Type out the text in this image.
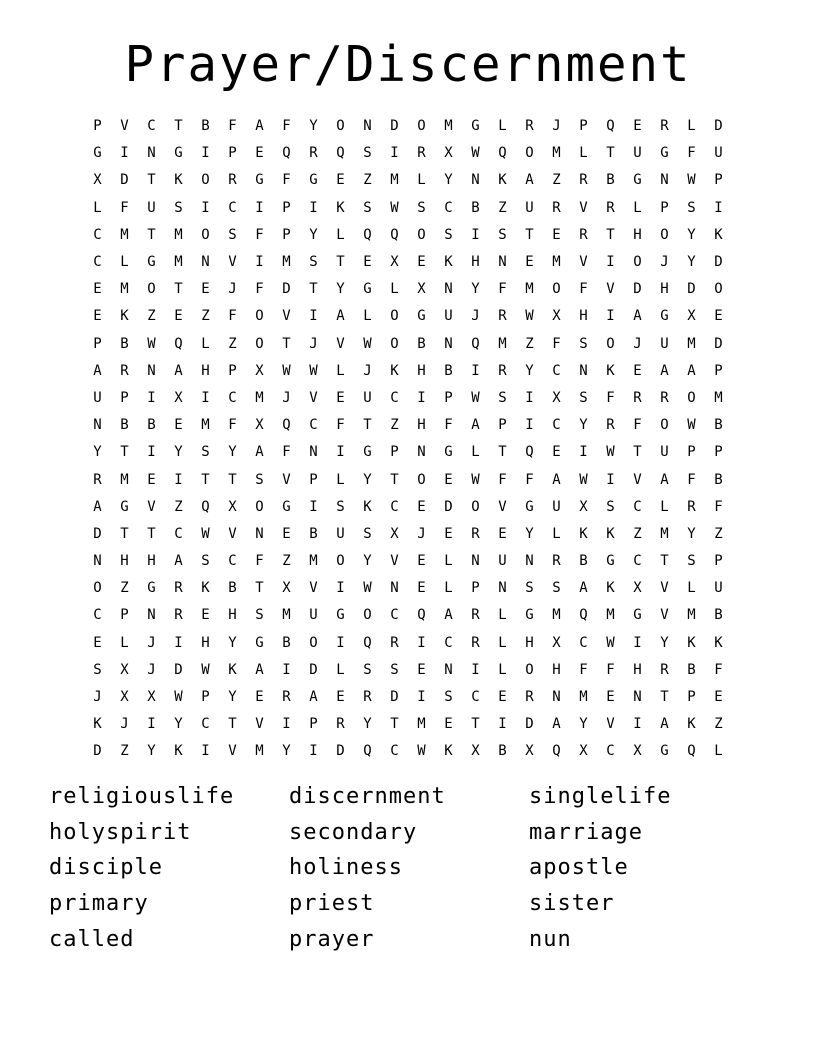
Prayer/Discernment
P	V	C	T	B	F	A	F	Y	O	N	D	O	M	G	L	R	J	P	Q	E	R	L	D
G	I	N	G	I	P	E	Q	R	Q	S	I	R	X	W	Q	O	M	L	T	U	G	F	U
X	D	T	K	O	R	G	F	G	E	Z	M	L	Y	N	K	A	Z	R	B	G	N	W	P
L	F	U	S	I	C	I	P	I	K	S	W	S	C	B	Z	U	R	V	R	L	P	S	I
C	M	T	M	O	S	F	P	Y	L	Q	Q	O	S	I	S	T	E	R	T	H	O	Y	K
C	L	G	M	N	V	I	M	S	T	E	X	E	K	H	N	E	M	V	I	O	J	Y	D
E	M	O	T	E	J	F	D	T	Y	G	L	X	N	Y	F	M	O	F	V	D	H	D	O
E	K	Z	E	Z	F	O	V	I	A	L	O	G	U	J	R	W	X	H	I	A	G	X	E
P	B	W	Q	L	Z	O	T	J	V	W	O	B	N	Q	M	Z	F	S	O	J	U	M	D
A	R	N	A	H	P	X	W	W	L	J	K	H	B	I	R	Y	C	N	K	E	A	A	P
U	P	I	X	I	C	M	J	V	E	U	C	I	P	W	S	I	X	S	F	R	R	O	M
N	B	B	E	M	F	X	Q	C	F	T	Z	H	F	A	P	I	C	Y	R	F	O	W	B
Y	T	I	Y	S	Y	A	F	N	I	G	P	N	G	L	T	Q	E	I	W	T	U	P	P
R	M	E	I	T	T	S	V	P	L	Y	T	O	E	W	F	F	A	W	I	V	A	F	B
A	G	V	Z	Q	X	O	G	I	S	K	C	E	D	O	V	G	U	X	S	C	L	R	F
D	T	T	C	W	V	N	E	B	U	S	X	J	E	R	E	Y	L	K	K	Z	M	Y	Z
N	H	H	A	S	C	F	Z	M	O	Y	V	E	L	N	U	N	R	B	G	C	T	S	P
O	Z	G	R	K	B	T	X	V	I	W	N	E	L	P	N	S	S	A	K	X	V	L	U
C	P	N	R	E	H	S	M	U	G	O	C	Q	A	R	L	G	M	Q	M	G	V	M	B
E	L	J	I	H	Y	G	B	O	I	Q	R	I	C	R	L	H	X	C	W	I	Y	K	K
S	X	J	D	W	K	A	I	D	L	S	S	E	N	I	L	O	H	F	F	H	R	B	F
J	X	X	W	P	Y	E	R	A	E	R	D	I	S	C	E	R	N	M	E	N	T	P	E
K	J	I	Y	C	T	V	I	P	R	Y	T	M	E	T	I	D	A	Y	V	I	A	K	Z
D	Z	Y	K	I	V	M	Y	I	D	Q	C	W	K	X	B	X	Q	X	C	X	G	Q	L
religiouslife
holyspirit
disciple
primary
called
discernment
secondary
holiness
priest
prayer
singlelife
marriage
apostle
sister
nun
